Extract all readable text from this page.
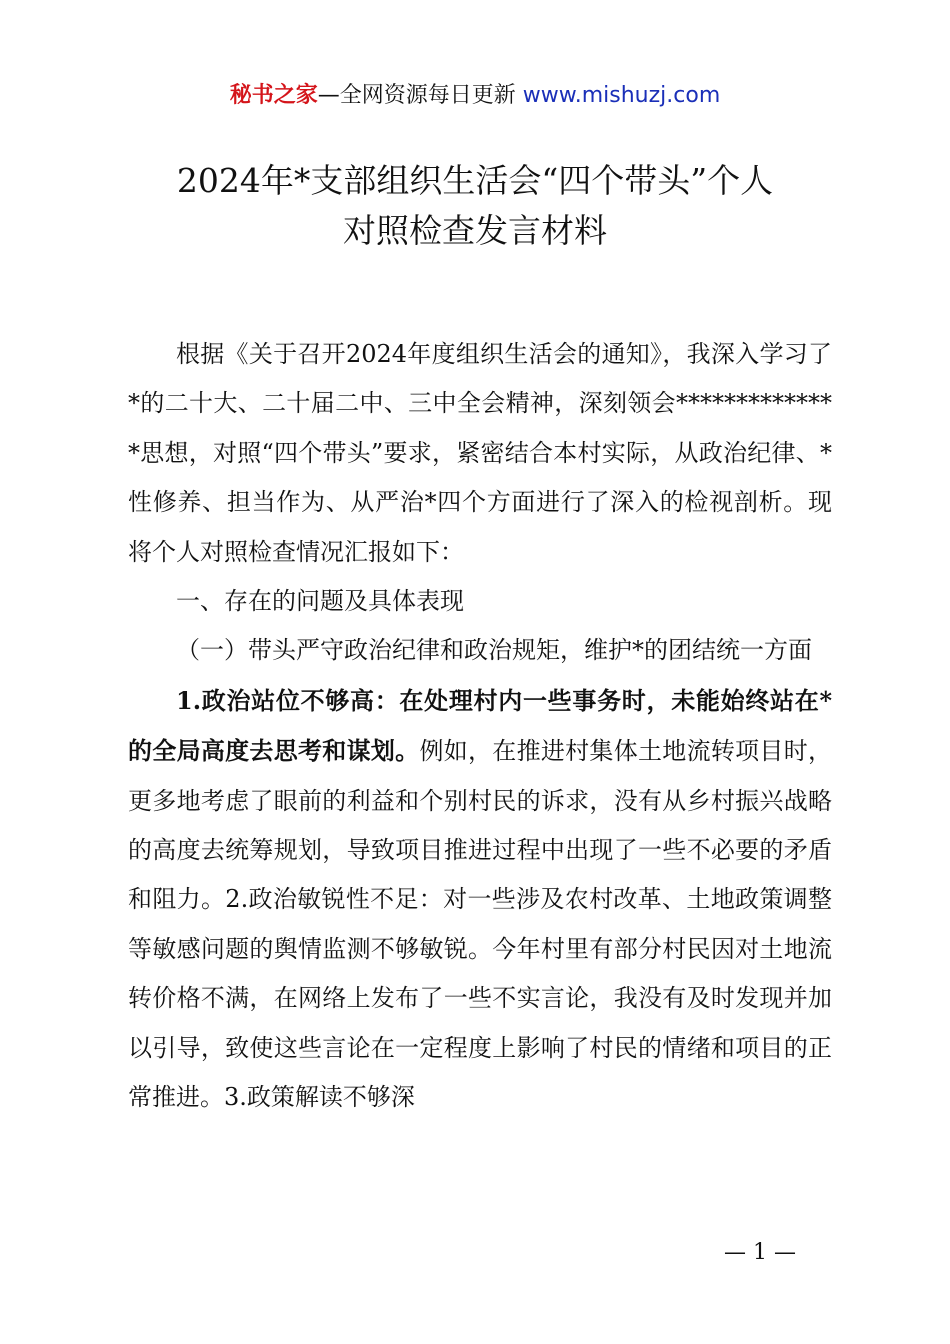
秘书之家—全网资源每日更新 www.mishuzj.com
2024年*支部组织生活会“四个带头”个人
对照检查发言材料

根据《关于召开2024年度组织生活会的通知》，我深入学习了*的二十大、二十届二中、三中全会精神，深刻领会**************思想，对照“四个带头”要求，紧密结合本村实际，从政治纪律、*性修养、担当作为、从严治*四个方面进行了深入的检视剖析。现将个人对照检查情况汇报如下：

一、存在的问题及具体表现

（一）带头严守政治纪律和政治规矩，维护*的团结统一方面

1.政治站位不够高：在处理村内一些事务时，未能始终站在*的全局高度去思考和谋划。例如，在推进村集体土地流转项目时，更多地考虑了眼前的利益和个别村民的诉求，没有从乡村振兴战略的高度去统筹规划，导致项目推进过程中出现了一些不必要的矛盾和阻力。2.政治敏锐性不足：对一些涉及农村改革、土地政策调整等敏感问题的舆情监测不够敏锐。今年村里有部分村民因对土地流转价格不满，在网络上发布了一些不实言论，我没有及时发现并加以引导，致使这些言论在一定程度上影响了村民的情绪和项目的正常推进。3.政策解读不够深

— 1 —
